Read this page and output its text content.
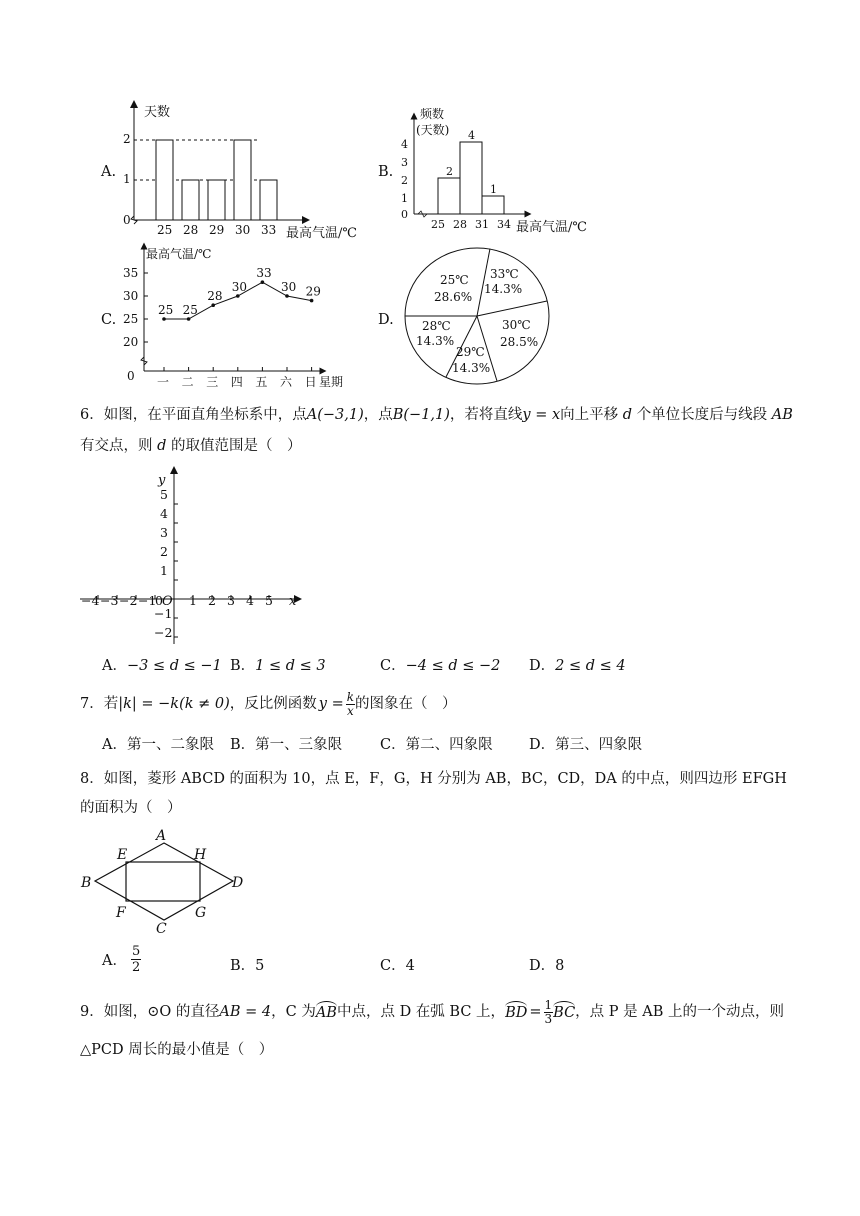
A.
25 28 29 30 33
天数
2
1
0
最高气温/℃
B.	2
4
1
25 28 31 34
频数
(天数)
4
3
2
1
0
最高气温/℃
C.
25
一
25
二
28
三
30
四
33
五
30
六
29
日
最高气温/℃
35
30
25
20
0	星期
D.
25℃
28.6%
33℃
14.3%
30℃
28.5%
29℃
14.3%
28℃
14.3%
6．如图，在平面直角坐标系中，点A(−3,1)，点B(−1,1)，若将直线y = x向上平移 d 个单位长度后与线段 AB
有交点，则 d 的取值范围是（　）
y
x
0 O
−4 −3 −2 −1	1 2 3 4 5
5
4
3
2
1
−1
−2
A．−3 ≤ d ≤ −1 B．1 ≤ d ≤ 3	C．−4 ≤ d ≤ −2 D．2 ≤ d ≤ 4
7．若 |k| = −k(k ≠ 0) ，反比例函数 $y = \frac{k}{x}$ 的图象在（　）
A．第一、二象限 B．第一、三象限	C．第二、四象限	D．第三、四象限
8．如图，菱形 ABCD 的面积为 10，点 E，F，G，H 分别为 AB，BC，CD，DA 的中点，则四边形 EFGH
的面积为（　）
A
B
C
D
E
F	G
H
A． $\frac{5}{2}$	B．5	C．4	D．8
9．如图，⊙O 的直径 AB = 4 ，C 为 AB 中点，点 D 在弧 BC 上， BD = $\frac{1}{3}$ BC ，点 P 是 AB 上的一个动点，则
△PCD 周长的最小值是（　）
